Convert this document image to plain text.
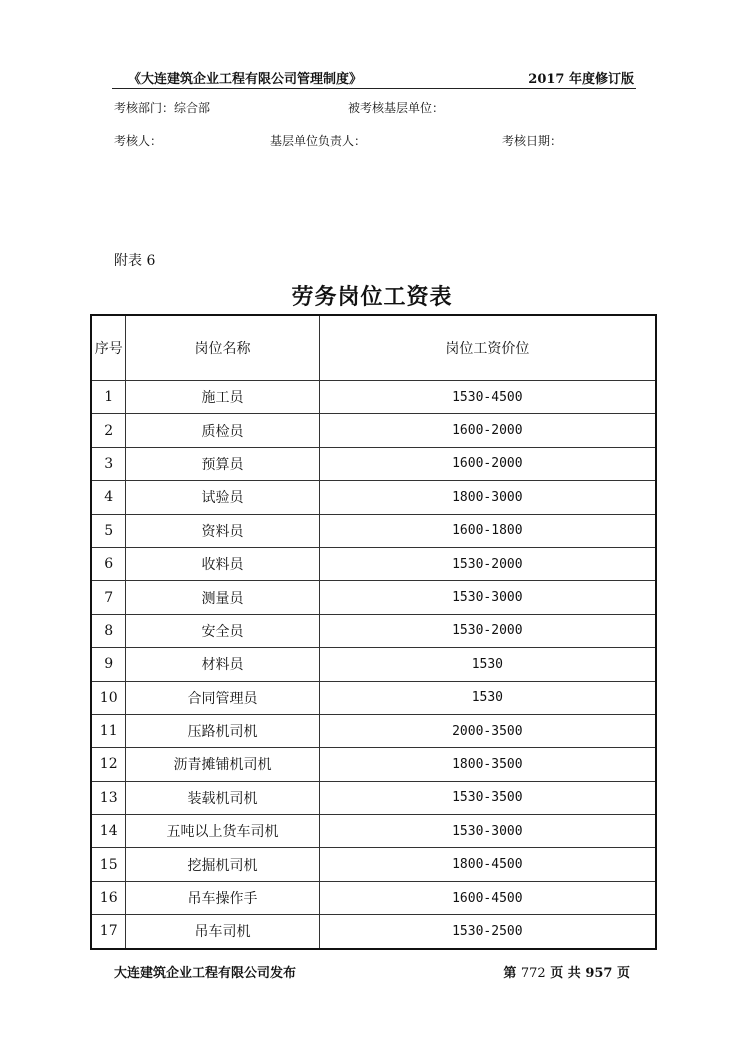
《大连建筑企业工程有限公司管理制度》	2017 年度修订版
考核部门：综合部	被考核基层单位：
考核人：	基层单位负责人：	考核日期：
附表 6
劳务岗位工资表
序号	岗位名称	岗位工资价位
1	施工员	1530-4500
2	质检员	1600-2000
3	预算员	1600-2000
4	试验员	1800-3000
5	资料员	1600-1800
6	收料员	1530-2000
7	测量员	1530-3000
8	安全员	1530-2000
9	材料员	1530
10	合同管理员	1530
11	压路机司机	2000-3500
12	沥青摊铺机司机	1800-3500
13	装载机司机	1530-3500
14	五吨以上货车司机	1530-3000
15	挖掘机司机	1800-4500
16	吊车操作手	1600-4500
17	吊车司机	1530-2500
大连建筑企业工程有限公司发布	第 772 页 共 957 页
